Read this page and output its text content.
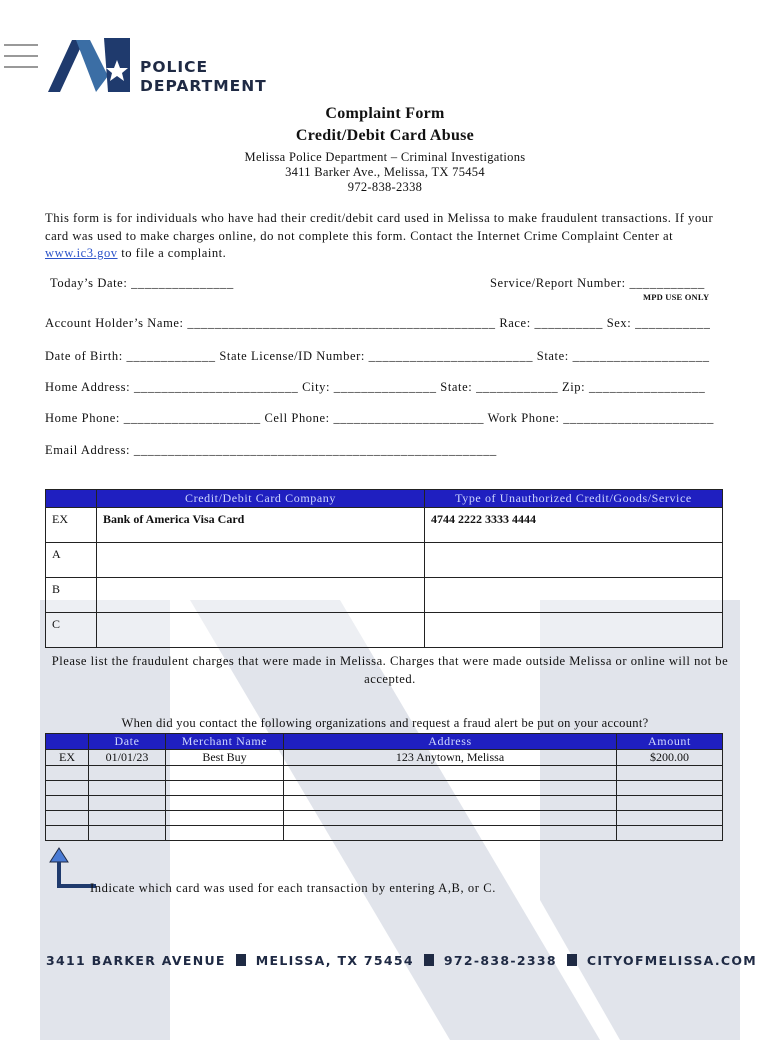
POLICE
DEPARTMENT
Complaint Form
Credit/Debit Card Abuse
Melissa Police Department – Criminal Investigations
3411 Barker Ave., Melissa, TX 75454
972-838-2338
This form is for individuals who have had their credit/debit card used in Melissa to make fraudulent transactions. If your card was used to make charges online, do not complete this form. Contact the Internet Crime Complaint Center at www.ic3.gov to file a complaint.
Today’s Date: _______________	Service/Report Number: ___________
MPD USE ONLY
Account Holder’s Name: _____________________________________________ Race: __________ Sex: ___________
Date of Birth: _____________ State License/ID Number: ________________________ State: ____________________
Home Address: ________________________ City: _______________ State: ____________ Zip: _________________
Home Phone: ____________________ Cell Phone: ______________________ Work Phone: ______________________
Email Address: _____________________________________________________
	Credit/Debit Card Company	Type of Unauthorized Credit/Goods/Service
EX	Bank of America Visa Card	4744 2222 3333 4444
A		
B		
C		
Please list the fraudulent charges that were made in Melissa. Charges that were made outside Melissa or online will not be accepted.
When did you contact the following organizations and request a fraud alert be put on your account?
	Date	Merchant Name	Address	Amount
EX	01/01/23	Best Buy	123 Anytown, Melissa	$200.00

Indicate which card was used for each transaction by entering A,B, or C.
3411 BARKER AVENUE MELISSA, TX 75454 972-838-2338 CITYOFMELISSA.COM
